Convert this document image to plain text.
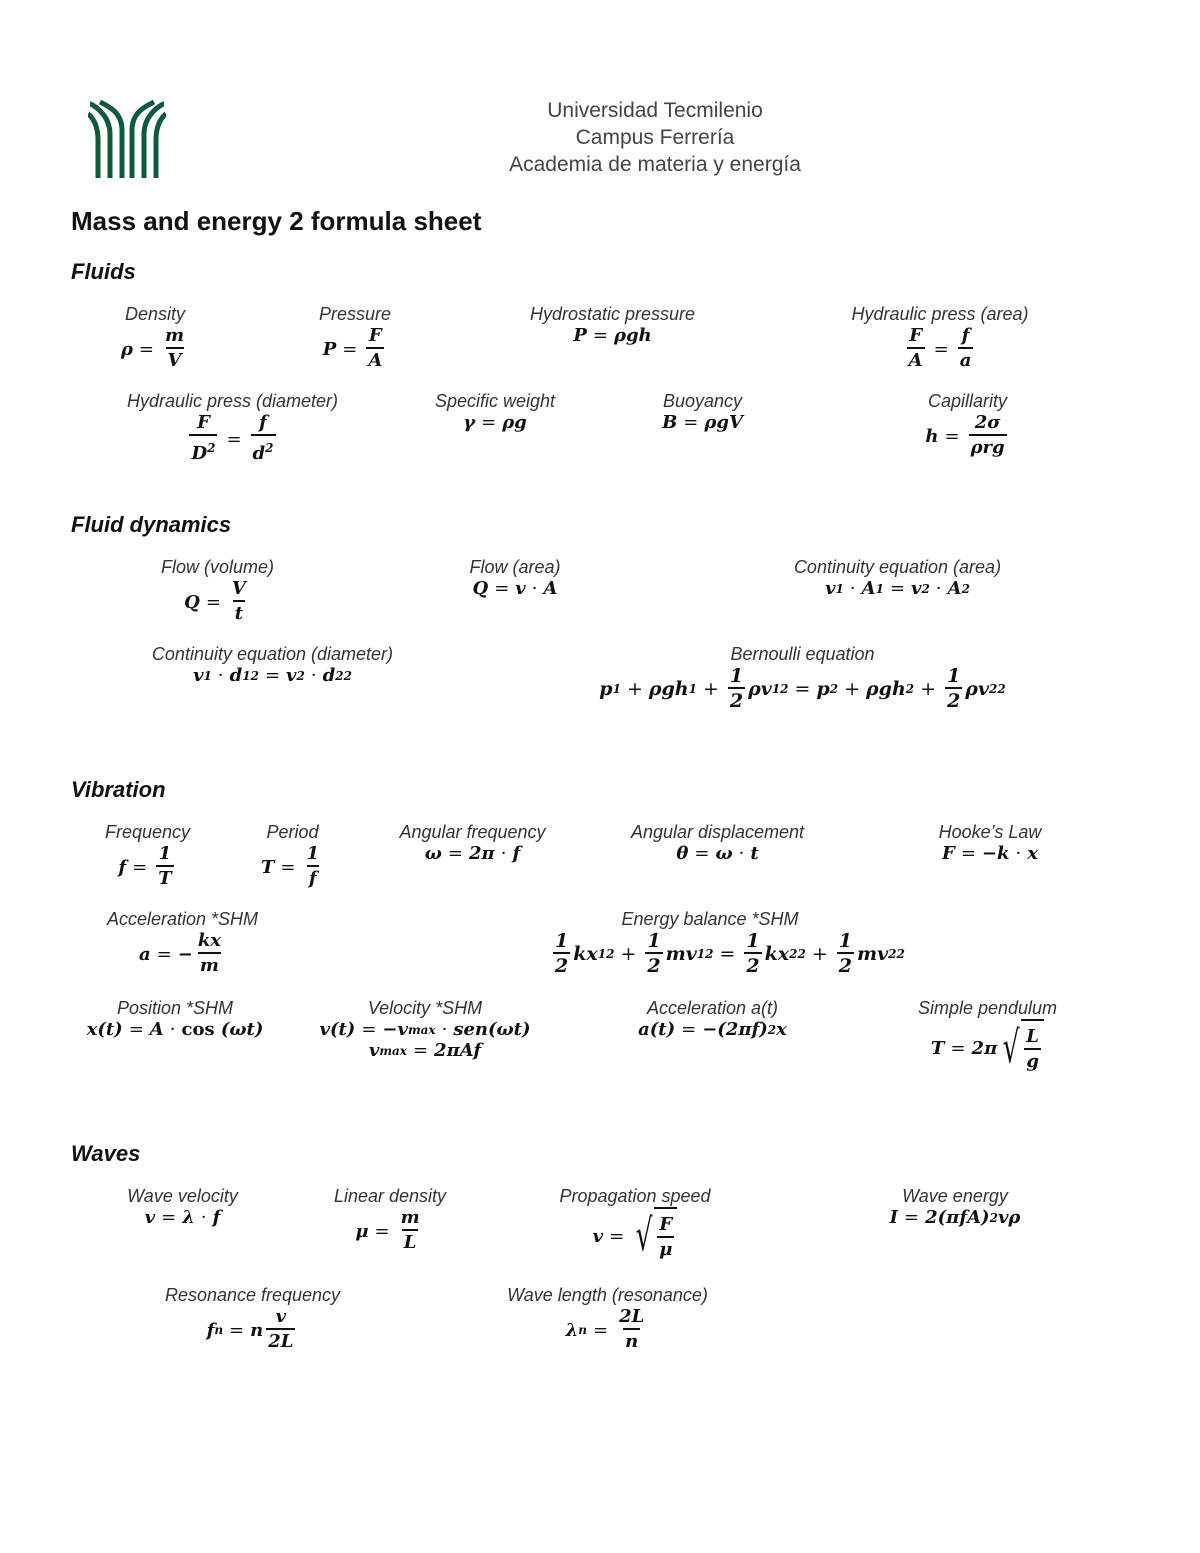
Universidad Tecmilenio
Campus Ferrería
Academia de materia y energía
Mass and energy 2 formula sheet
Fluids
Density
$\rho = \frac{m}{V}$
Pressure
$P = \frac{F}{A}$
Hydrostatic pressure
P = ρgh
Hydraulic press (area)
$\frac{F}{A} = \frac{f}{a}$
Hydraulic press (diameter)
$\frac{F}{D^2} = \frac{f}{d^2}$
Specific weight
γ = ρg
Buoyancy
B = ρgV
Capillarity
$h = \frac{2\sigma}{\text{ρrg}}$
Fluid dynamics
Flow (volume)
$Q = \frac{V}{t}$
Flow (area)
Q = v · A
Continuity equation (area)
v 1 · A 1 = v 2 · A 2
Continuity equation (diameter)
v 1 · d 1 2 = v 2 · d 2 2
Bernoulli equation
p 1 + ρgh $1 + \frac{1}{2}$ ρv 1 2 = p 2 + ρgh $2 + \frac{1}{2}$ ρv 2 2
Vibration
Frequency
$f = \frac{1}{T}$
Period
$T = \frac{1}{f}$
Angular frequency
ω = 2π · f
Angular displacement
θ = ω · t
Hooke’s Law
F = −k · x
Acceleration *SHM
a = − $\frac{kx}{m}$
Energy balance *SHM
$\frac{1}{2}$ kx 1 $2 + \frac{1}{2}$ mv 1 $2 = \frac{1}{2}$ kx 2 $2 + \frac{1}{2}$ mv 2 2
Position *SHM
x(t) = A · cos (ωt)
Velocity *SHM
v(t) = −v max · sen(ωt) v max = 2πAf
Acceleration a(t)
a(t) = −(2πf) 2 x
Simple pendulum
T = 2π √ $\frac{L}{g}$
Waves
Wave velocity
v = λ · f
Linear density
$\mu = \frac{m}{L}$
Propagation speed
v = √ $\frac{F}{\mu}$
Wave energy
I = 2(πfA) 2 vρ
Resonance frequency
f n = n $\frac{v}{2L}$
Wave length (resonance)
λ $n = \frac{2L}{n}$
